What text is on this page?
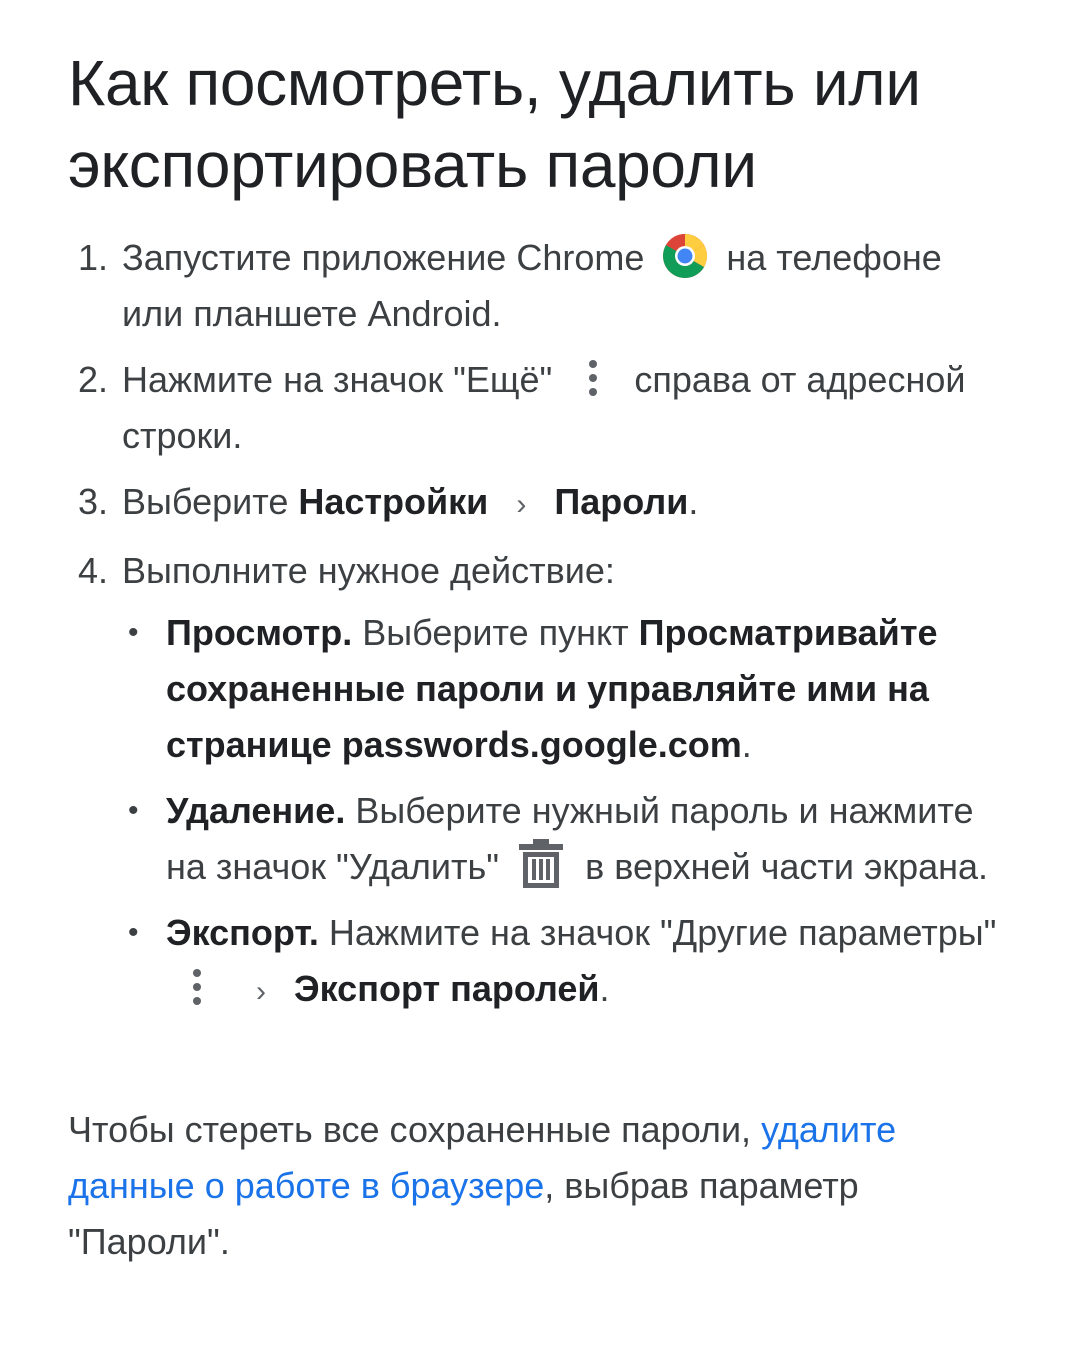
Как посмотреть, удалить или экспортировать пароли
1. Запустите приложение Chrome на телефоне или планшете Android.
2. Нажмите на значок "Ещё" справа от адресной строки.
3. Выберите Настройки › Пароли.
4. Выполните нужное действие:
• Просмотр. Выберите пункт Просматривайте сохраненные пароли и управляйте ими на странице passwords.google.com.
• Удаление. Выберите нужный пароль и нажмите на значок "Удалить" в верхней части экрана.
• Экспорт. Нажмите на значок "Другие параметры"
› Экспорт паролей.

Чтобы стереть все сохраненные пароли, удалите данные о работе в браузере, выбрав параметр "Пароли".
